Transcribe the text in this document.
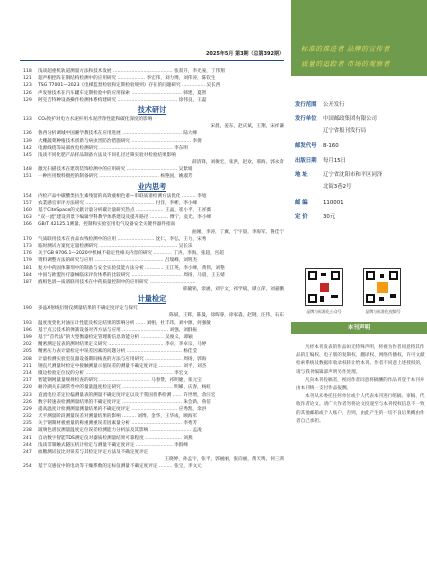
2025年5月 第3期（总第392期）
118	浅谈超重机轨道测量方法和技术发展 ………………………………… 张叔升，李光豪，丁伟翔
121	超声相控阵在钢结构检测中的应用研究 ……………… 李宏伟，刘力博，刘伟涛，陈钦生
123	TSG T7001—2023《电梯监督检验和定期检验规则》存在的问题研究 …………… 吴长西
126	声发射技术在汽车罐车定期检验中的应用探索 …………………………… 韩建，夏智
129	阿克吉特种设备操作检测体系构建研究 ………………………………… 徐伟良，王磊
技术研讨
133	CO₂致护对电力水泥杆用水泥浮净性能和碳化深度的影响
宋晨，姜东，赵庆斌，王翔，宋祥谦
136	鲁西分析调城中国湘学教技术在应用进展 ………………………………… 陆大峰
139	大棚蔬菜种植技术创新与病虫害防治措施研究 ………………………………… 李倩
142	电源线绕等局部放电检测研究 ………………………………………… 李东明
145	浅谈不同化肥产品样品制备方法及不同孔径过筛实验对检验结果影响
薛清锋，刘俊宏，张洪，赵欢，邢海，郭永奇
148	激光扫描技术在建筑装饰检测中的应用研究 …………………………… 吴紫娟
151	一种医用数料摄控的制备研究 ………………………………… 杨艳国，姚淑芳
业内思考
154	内检产品中碳酸类抗生素残留的高效液相色谱—串联质谱检测方法优化 ……… 李旭
157	农業感官审评方法研究 ……………………………………… 付洋，李彬，李小峰
160	基于CiteSpace的文献计量分析碳计量研究热点 ……………… 王晶，崔小平，王祥薇
163	“双一流”建设背景下编辑学科教学体系建设及提升路径 ………… 傅宁，袁光，李小峰
166	GB/T 42125.1测量、控制和实验室用电气设备安全关键件器件指南
曲刚，李涛，丁翼，宁宇晨，李海军，鲁佳宁
170	气质联用技术在食品农残检测中的应用 …………………… 沈仁，李弘，王力，宋秀
173	临时测试方案化定量检测研究 …………………………………………… 吴长乐
176	关于GB 9706.1—2020中机械不稳定性相关内容的研究 ………… 丁涛，李海，张超，宫超
179	资料调整方法的研究与应用 ……………………………………… 吕瑞峰，刘明杰
181	复方中药固体制剂中的制备与安全实验技能方法分析 ………… 王江英，李小峰，黄伟，刘艳
184	中国与欧盟医疗器械临床评价体系的比较研究 …………………………… 周扬，马晨，王玉婧
187	液相色谱—质谱联用技术在中药质量控制中的应用研究 …………………………
邢毓铭，余涵，刘宇文，祁学斌，谭立萍，刘嘉鹏
计量检定
190	多晶X射线衍射仪测量结果的不确定度评定与探究
陈斌，王辉，陈曼，徐晖睿，徐家淼，赵钢，汪伟，石东
193	温度度变化对油压计性能及校定结果的影响分析 …… 刘栩，杜丰玮，刘中源，何强敏
196	基于点云技术的弹簧设备对齐方法与应用 ………………………… 刘强，刘群振
199	基于“首代法”的大型衡器检定管理新信息效能分析 …………… 吴俊义，谭颖
202	精密测定仪表的测时结果定义研究 ……………………………… 李卓，李卓宗，马婷
205	精密压力表计量检定中误差因素的问题分析 ……………………………… 杨佳莹
208	计量检测实验室仪器设备期间核查的方法与应用研究 …………………… 周扬，郭海
211	钢直尺测量时检定中接触测量示值误差的测量不确定度评定 …………… 刘平，刘杰
214	微边检验定位仪的分析 ………………………………………………… 李宏文
217	智能钢网量量规规检查的研究 …………………………… 马春赞，祁明婕，张元宝
220	耐冷湖关东湖常寿中的量量温度检定研究 …………………………… 明娣，庆春，杨虹
223	直流电位差定位偏测量表的测量不确定度评定以及于我国普系检测 …… 许世增，余汪宏
226	数字转速表检测测量结果的不确定度评定 ………………………………… 朱会新，鲁倍
229	提高温度计检测测量测量结果的不确定度评定 ………………………… 应秀凯，余洪
232	天平测量阶段测量误差对测量结果的影响 ……… 刘博，金华，王华成，顾海军
235	关于钢制材板重量的称重测重误差因素量分析 …………………………… 李秀芳
238	玻璃色谱仪测量温度定位误差检测能力分析法及其影响 ……………………… 孟凌
241	自动数字智能TDS测定仪对器质检测量结果可靠程度 …………………… 刘燕
244	浅谈非制触式隧压机计检定与测量不确定度评定 …………………… 李群峰
247	血糖测试仪比对误差与其检定评定方法及不确定度评定
王晓婷，孙孟宇，张平，郭丽丽，张向丽，黄天鸣，何三鸿
254	基于交感仪中的电动等干燥系数的定标仪测量不确定度评定 ……… 张宝，李文元
标准的推进者 品牌的宣传者
质量的追踪者 市场的观察者
发行范围 公开发行
发行单位 中国邮政集团有限公司
辽宁省报刊发行局
邮发代号 8-160
出版日期 每月15日
地 址	辽宁省沈阳市和平区同泽
北街3巷2号
邮 编	110001
定 价	30元
品牌与标准化公众号	品牌与标准化视频号
本刊声明

凡经本刊发表的作品如无特殊声明，将视为作者同意将其作品的汇编权、电子版的复制权、翻译权、网络传播权、许可文献检索系统及数据库收录权转让给本刊。作者不同意上述授权的，请与我刊编辑部声明另作处理。

凡向本刊投稿者，视同作者同意将稿酬的作品刊登于本刊并由本刊统一支付作品报酬。

本刊从未委托任何单位或个人代表本刊进行组稿、审稿、代收作者论文。请广大作者勿将论文投递至与本刊授权信息不一致的其他邮箱或个人账户，否则，由此产生的一切不良后果概由作者自己承担。
